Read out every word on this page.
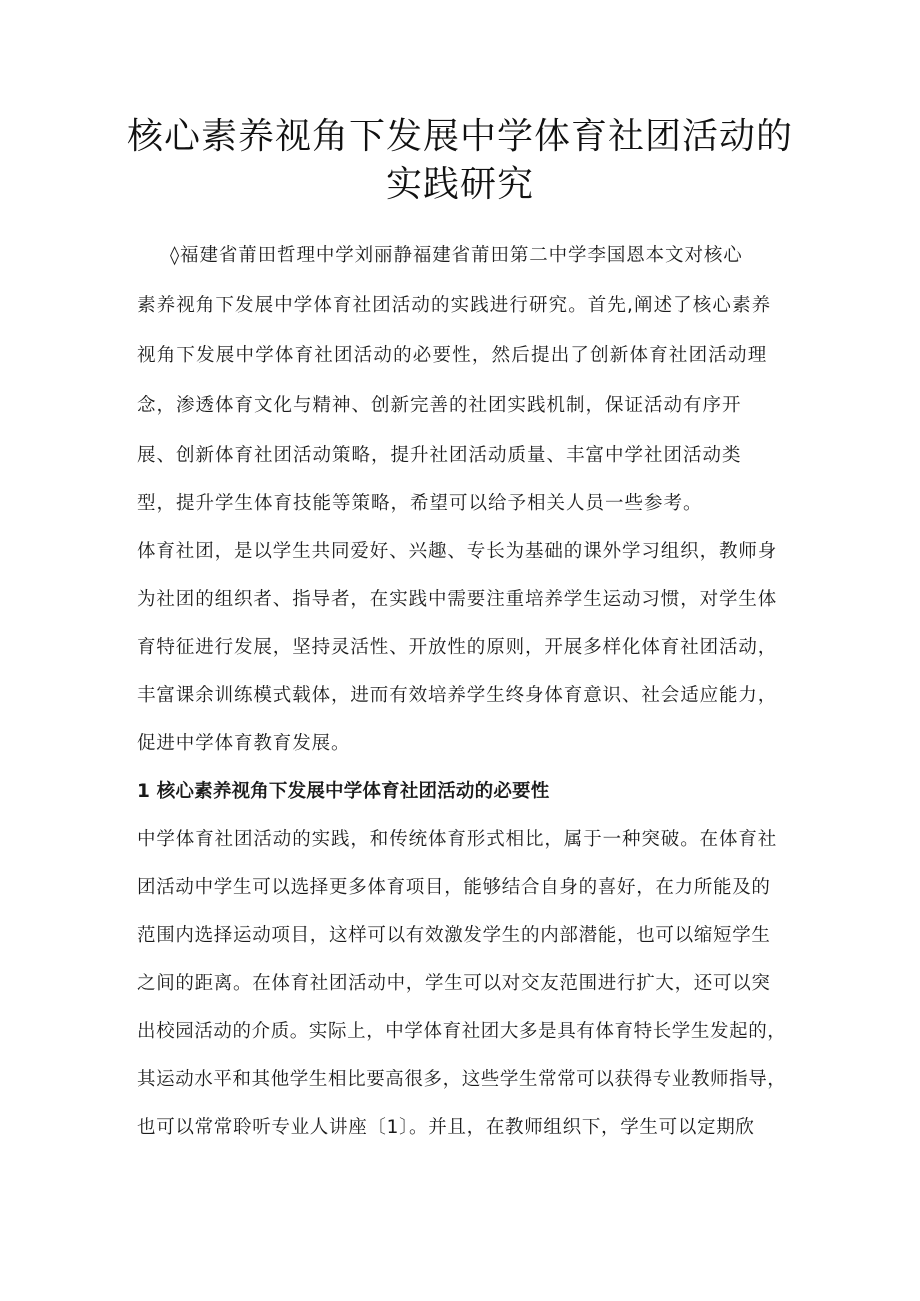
核心素养视角下发展中学体育社团活动的
实践研究

◊福建省莆田哲理中学刘丽静福建省莆田第二中学李国恩本文对核心

素养视角下发展中学体育社团活动的实践进行研究。首先,阐述了核心素养

视角下发展中学体育社团活动的必要性，然后提出了创新体育社团活动理

念，渗透体育文化与精神、创新完善的社团实践机制，保证活动有序开

展、创新体育社团活动策略，提升社团活动质量、丰富中学社团活动类

型，提升学生体育技能等策略，希望可以给予相关人员一些参考。

体育社团，是以学生共同爱好、兴趣、专长为基础的课外学习组织，教师身

为社团的组织者、指导者，在实践中需要注重培养学生运动习惯，对学生体

育特征进行发展，坚持灵活性、开放性的原则，开展多样化体育社团活动，

丰富课余训练模式载体，进而有效培养学生终身体育意识、社会适应能力，

促进中学体育教育发展。

1 核心素养视角下发展中学体育社团活动的必要性

中学体育社团活动的实践，和传统体育形式相比，属于一种突破。在体育社

团活动中学生可以选择更多体育项目，能够结合自身的喜好，在力所能及的

范围内选择运动项目，这样可以有效激发学生的内部潜能，也可以缩短学生

之间的距离。在体育社团活动中，学生可以对交友范围进行扩大，还可以突

出校园活动的介质。实际上，中学体育社团大多是具有体育特长学生发起的，

其运动水平和其他学生相比要高很多，这些学生常常可以获得专业教师指导，

也可以常常聆听专业人讲座〔1〕。并且，在教师组织下，学生可以定期欣
